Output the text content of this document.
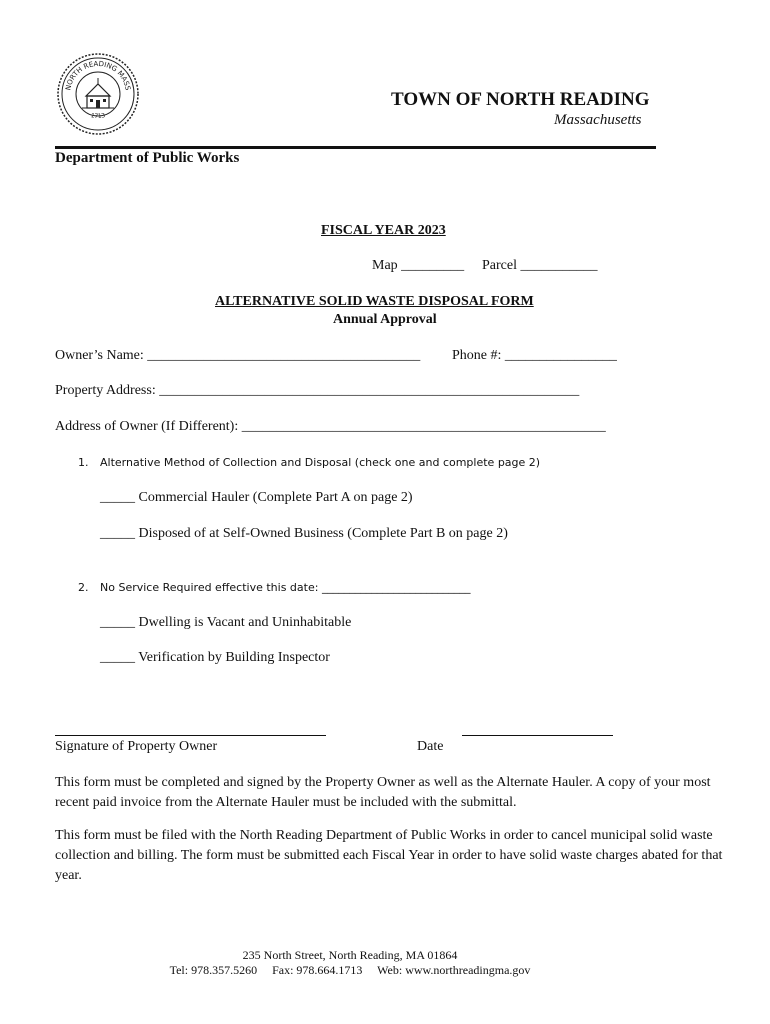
NORTH READING MASS
1713
TOWN OF NORTH READING
Massachusetts
Department of Public Works
FISCAL YEAR 2023
Map _________ Parcel ___________
ALTERNATIVE SOLID WASTE DISPOSAL FORM
Annual Approval
Owner’s Name: _______________________________________ Phone #: ________________
Property Address: ____________________________________________________________
Address of Owner (If Different): ____________________________________________________
1. Alternative Method of Collection and Disposal (check one and complete page 2)
_____ Commercial Hauler (Complete Part A on page 2)
_____ Disposed of at Self-Owned Business (Complete Part B on page 2)
2. No Service Required effective this date: ___________________________
_____ Dwelling is Vacant and Uninhabitable
_____ Verification by Building Inspector
Signature of Property Owner	Date
This form must be completed and signed by the Property Owner as well as the Alternate Hauler. A copy of your most recent paid invoice from the Alternate Hauler must be included with the submittal.
This form must be filed with the North Reading Department of Public Works in order to cancel municipal solid waste collection and billing. The form must be submitted each Fiscal Year in order to have solid waste charges abated for that year.
235 North Street, North Reading, MA 01864
Tel: 978.357.5260     Fax: 978.664.1713     Web: www.northreadingma.gov
